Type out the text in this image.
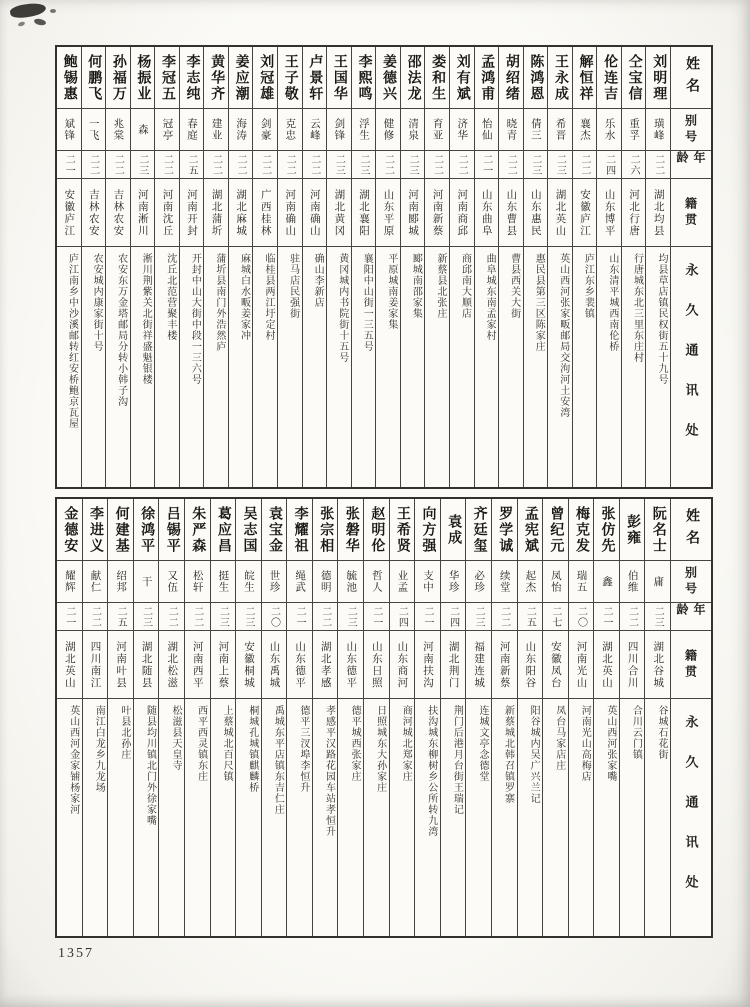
姓名
别号
年龄
籍贯
永久通讯处
刘明理
璜峰
二二
湖北均县
均县草店镇民权街五十九号
仝宝信
重孚
二六
河北行唐
行唐城东北三里东庄村
伦连吉
乐水
二四
山东博平
山东清平城西南伦桥
解恒祥
襄杰
二二
安徽庐江
庐江东乡裴镇
王永成
希晋
二三
湖北英山
英山西河张家畈邮局交泃河土安湾
陈鸿恩
倩三
二三
山东惠民
惠民县第三区陈家庄
胡绍绪
晓青
二二
山东曹县
曹县西关大街
孟鸿甫
怡仙
二一
山东曲阜
曲阜城东南孟家村
刘有斌
济华
二二
河南商邱
商邱南大顺店
娄和生
育亚
二二
河南新蔡
新蔡县北张庄
邵法龙
清泉
二三
河南郾城
郾城南邵家集
姜德兴
健修
二二
山东平原
平原城南姜家集
李熙鸣
浮生
二三
湖北襄阳
襄阳中山街一三五号
王国华
剑锋
二三
湖北黄冈
黄冈城内书院街十五号
卢景轩
云峰
二二
河南确山
确山李新店
王子敬
克忠
二二
河南确山
驻马店民强街
刘冠雄
剑豪
二二
广西桂林
临桂县两江圩定村
姜应潮
海涛
二二
湖北麻城
麻城白水畈姜家冲
黄华齐
建业
二二
湖北蒲圻
蒲圻县南门外浩然庐
李志纯
春庭
二五
河南开封
开封中山大街中段一三六号
李冠五
冠亭
二二
河南沈丘
沈丘北范营聚丰楼
杨振业
森
二三
河南淅川
淅川荆紫关北街祥盛魁银楼
孙福万
兆棠
二二
吉林农安
农安东万金塔邮局分转小韩子沟
何鹏飞
一飞
二二
吉林农安
农安城内康家街十号
鲍锡惠
斌锋
二一
安徽庐江
庐江南乡中沙溪邮转红安桥鲍京瓦屋
姓名
别号
年龄
籍贯
永久通讯处
阮名士
庸
二三
湖北谷城
谷城石花街
彭雍
伯维
二二
四川合川
合川云门镇
张仿先
鑫
二一
湖北英山
英山西河张家嘴
梅克发
瑞五
二〇
河南光山
河南光山高梅店
曾纪元
凤怡
二七
安徽凤台
凤台马家店庄
孟宪斌
起杰
二五
山东阳谷
阳谷城内吴广兴兰记
罗学诚
续堂
二二
河南新蔡
新蔡城北韩召镇罗寨
齐廷玺
必珍
二三
福建连城
连城文亭念德堂
袁成
华珍
二四
湖北荆门
荆门后港月台街王瑞记
向方强
支中
二一
河南扶沟
扶沟城东柳树乡公所转九湾
王希贤
业孟
二四
山东商河
商河城北郑家庄
赵明伦
哲人
二一
山东日照
日照城东大孙家庄
张磐华
毓池
二三
山东德平
德平城西张家庄
张宗相
德明
二二
湖北孝感
孝感平汉路花园车站孝恒升
李耀祖
绳武
二一
山东德平
德平三汊埠李恒升
袁宝金
世珍
二〇
山东禹城
禹城东平店镇东吉仁庄
吴志国
皖生
二三
安徽桐城
桐城孔城镇麒麟桥
葛应昌
挺生
二三
河南上蔡
上蔡城北百尺镇
朱严森
松轩
二二
河南西平
西平西灵镇东庄
吕锡平
又伍
二二
湖北松滋
松滋县天皇寺
徐鸿平
干
二三
湖北随县
随县均川镇北门外徐家嘴
何建基
绍邦
二五
河南叶县
叶县北孙庄
李进义
献仁
二二
四川南江
南江白龙乡九龙场
金德安
耀辉
二一
湖北英山
英山西河金家铺杨家河
1357
